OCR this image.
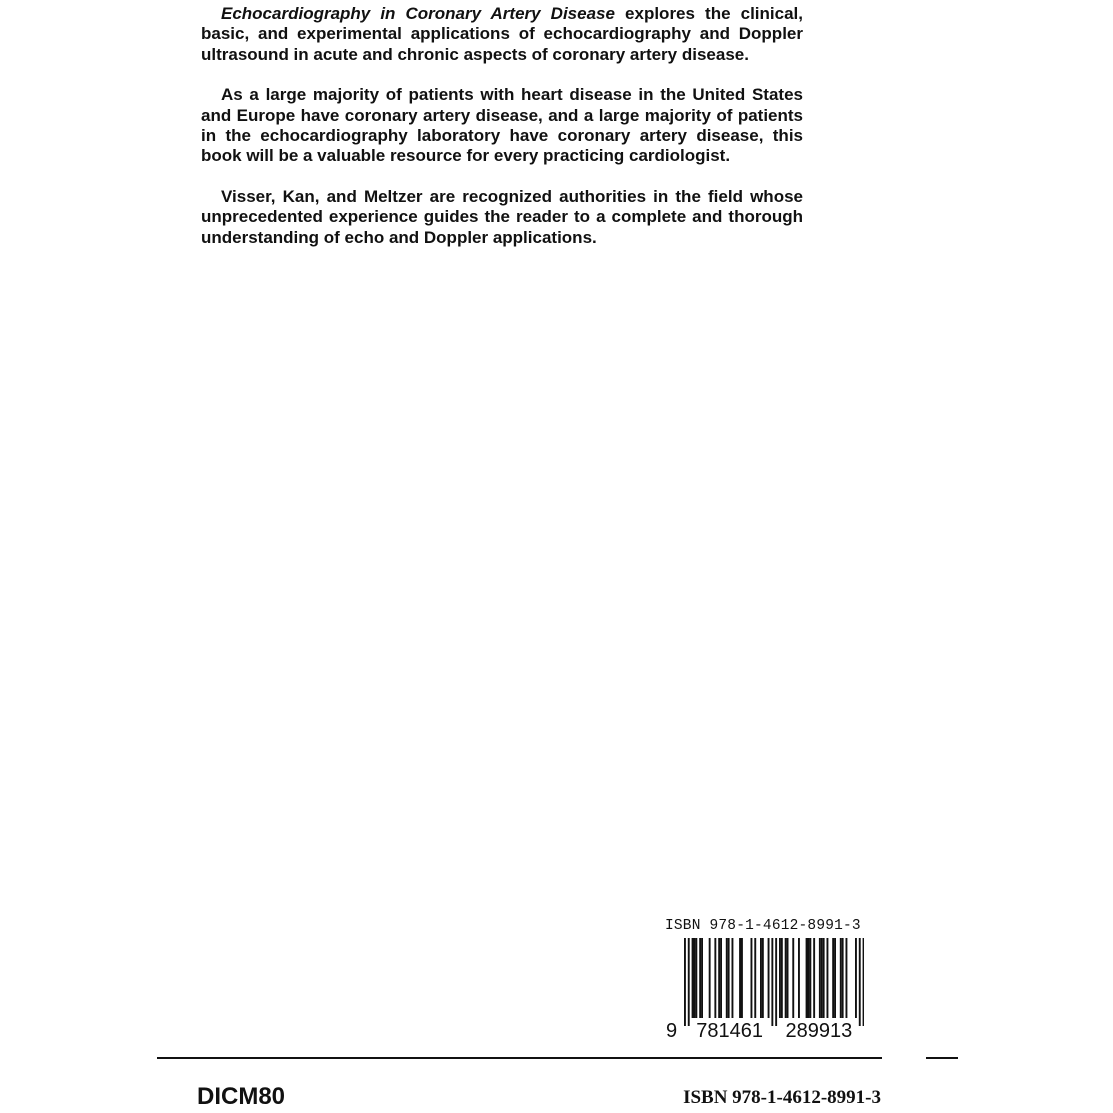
Echocardiography in Coronary Artery Disease explores the clinical, basic, and experimental applications of echocardiography and Doppler ultrasound in acute and chronic aspects of coronary artery disease.

As a large majority of patients with heart disease in the United States and Europe have coronary artery disease, and a large majority of patients in the echocardiography laboratory have coronary artery disease, this book will be a valuable resource for every practicing cardiologist.

Visser, Kan, and Meltzer are recognized authorities in the field whose unprecedented experience guides the reader to a complete and thorough understanding of echo and Doppler applications.

ISBN 978-1-4612-8991-3
9 781461 289913
DICM80	ISBN 978-1-4612-8991-3
